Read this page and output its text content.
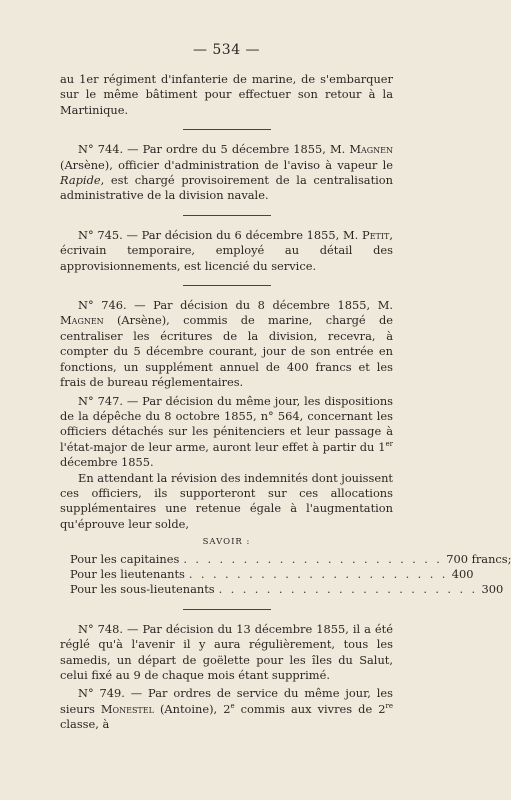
— 534 —

au 1er régiment d'infanterie de marine, de s'embarquer sur le même bâtiment pour effectuer son retour à la Martinique.

N° 744. — Par ordre du 5 décembre 1855, M. Magnen (Arsène), officier d'administration de l'aviso à vapeur le Rapide, est chargé provisoirement de la centralisation administrative de la division navale.

N° 745. — Par décision du 6 décembre 1855, M. Petit, écrivain temporaire, employé au détail des approvisionnements, est licencié du service.

N° 746. — Par décision du 8 décembre 1855, M. Magnen (Arsène), commis de marine, chargé de centraliser les écritures de la division, recevra, à compter du 5 décembre courant, jour de son entrée en fonctions, un supplément annuel de 400 francs et les frais de bureau réglementaires.

N° 747. — Par décision du même jour, les dispositions de la dépêche du 8 octobre 1855, n° 564, concernant les officiers détachés sur les pénitenciers et leur passage à l'état-major de leur arme, auront leur effet à partir du 1er décembre 1855.

En attendant la révision des indemnités dont jouissent ces officiers, ils supporteront sur ces allocations supplémentaires une retenue égale à l'augmentation qu'éprouve leur solde,

SAVOIR :
Pour les capitaines . . . . . . . . . . . . . . . . . . . . . . 700 francs;
Pour les lieutenants . . . . . . . . . . . . . . . . . . . . . . 400
Pour les sous-lieutenants . . . . . . . . . . . . . . . . . . . . . . 300

N° 748. — Par décision du 13 décembre 1855, il a été réglé qu'à l'avenir il y aura régulièrement, tous les samedis, un départ de goëlette pour les îles du Salut, celui fixé au 9 de chaque mois étant supprimé.

N° 749. — Par ordres de service du même jour, les sieurs Monestel (Antoine), 2e commis aux vivres de 2re classe, à
